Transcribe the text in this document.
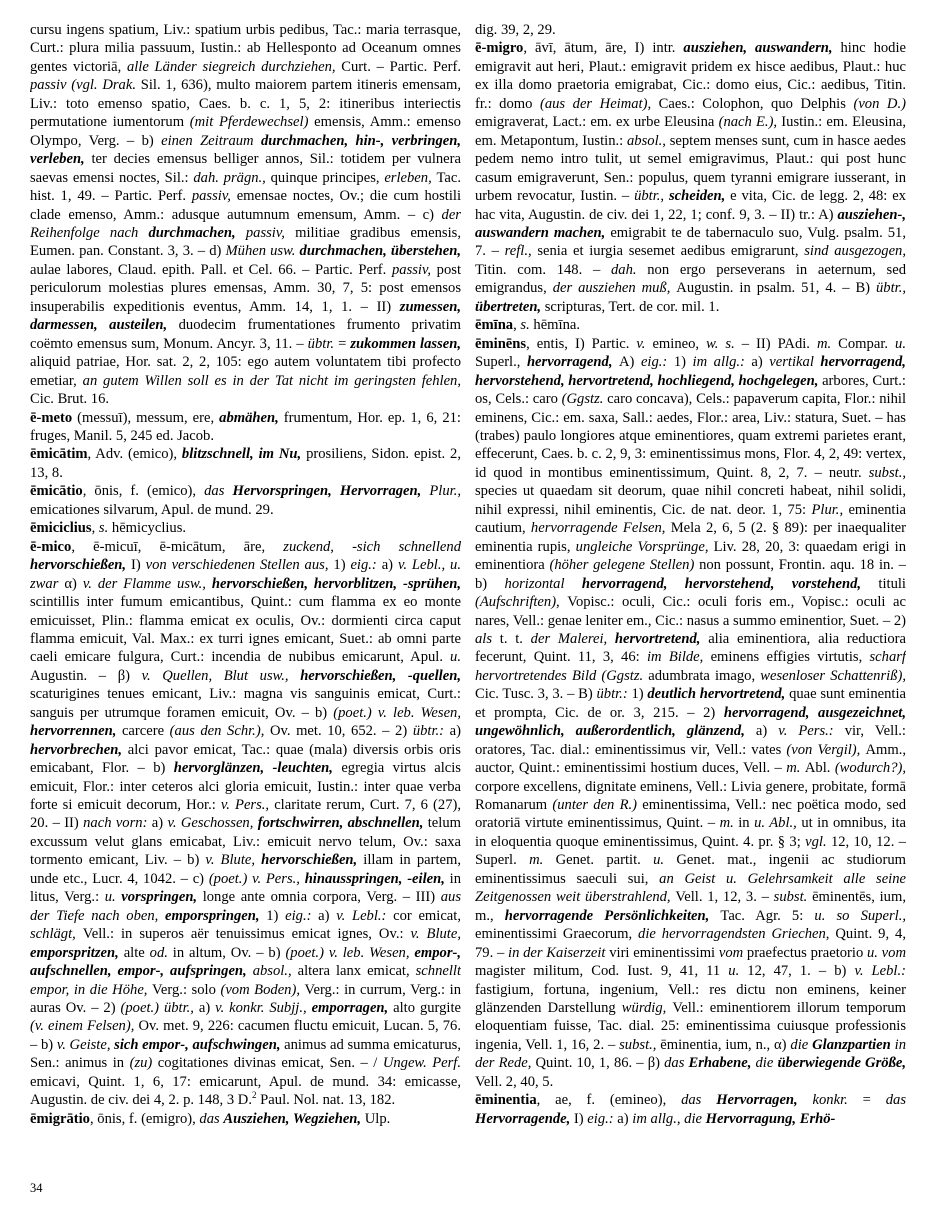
cursu ingens spatium, Liv.: spatium urbis pedibus, Tac.: maria terrasque, Curt.: plura milia passuum, Iustin.: ab Hellesponto ad Oceanum omnes gentes victoriā, alle Länder siegreich durchziehen, Curt. – Partic. Perf. passiv (vgl. Drak. Sil. 1, 636), multo maiorem partem itineris emensam, Liv.: toto emenso spatio, Caes. b. c. 1, 5, 2: itineribus interiectis permutatione iumentorum (mit Pferdewechsel) emensis, Amm.: emenso Olympo, Verg. – b) einen Zeitraum durchmachen, hin-, verbringen, verleben, ter decies emensus belliger annos, Sil.: totidem per vulnera saevas emensi noctes, Sil.: dah. prägn., quinque principes, erleben, Tac. hist. 1, 49. – Partic. Perf. passiv, emensae noctes, Ov.; die cum hostili clade emenso, Amm.: adusque autumnum emensum, Amm. – c) der Reihenfolge nach durchmachen, passiv, militiae gradibus emensis, Eumen. pan. Constant. 3, 3. – d) Mühen usw. durchmachen, überstehen, aulae labores, Claud. epith. Pall. et Cel. 66. – Partic. Perf. passiv, post periculorum molestias plures emensas, Amm. 30, 7, 5: post emensos insuperabilis expeditionis eventus, Amm. 14, 1, 1. – II) zumessen, darmessen, austeilen, duodecim frumentationes frumento privatim coëmto emensus sum, Monum. Ancyr. 3, 11. – übtr. = zukommen lassen, aliquid patriae, Hor. sat. 2, 2, 105: ego autem voluntatem tibi profecto emetiar, an gutem Willen soll es in der Tat nicht im geringsten fehlen, Cic. Brut. 16.

ē-meto (messuī), messum, ere, abmähen, frumentum, Hor. ep. 1, 6, 21: fruges, Manil. 5, 245 ed. Jacob.

ēmicātim, Adv. (emico), blitzschnell, im Nu, prosiliens, Sidon. epist. 2, 13, 8.

ēmicātio, ōnis, f. (emico), das Hervorspringen, Hervorragen, Plur., emicationes silvarum, Apul. de mund. 29.

ēmiciclius, s. hēmicyclius.

ē-mico, ē-micuī, ē-micātum, āre, zuckend, -sich schnellend hervorschießen, I) von verschiedenen Stellen aus, 1) eig.: a) v. Lebl., u. zwar α) v. der Flamme usw., hervorschießen, hervorblitzen, -sprühen, scintillis inter fumum emicantibus, Quint.: cum flamma ex eo monte emicuisset, Plin.: flamma emicat ex oculis, Ov.: dormienti circa caput flamma emicuit, Val. Max.: ex turri ignes emicant, Suet.: ab omni parte caeli emicare fulgura, Curt.: incendia de nubibus emicarunt, Apul. u. Augustin. – β) v. Quellen, Blut usw., hervorschießen, -quellen, scaturigines tenues emicant, Liv.: magna vis sanguinis emicat, Curt.: sanguis per utrumque foramen emicuit, Ov. – b) (poet.) v. leb. Wesen, hervorrennen, carcere (aus den Schr.), Ov. met. 10, 652. – 2) übtr.: a) hervorbrechen, alci pavor emicat, Tac.: quae (mala) diversis orbis oris emicabant, Flor. – b) hervorglänzen, -leuchten, egregia virtus alcis emicuit, Flor.: inter ceteros alci gloria emicuit, Iustin.: inter quae verba forte si emicuit decorum, Hor.: v. Pers., claritate rerum, Curt. 7, 6 (27), 20. – II) nach vorn: a) v. Geschossen, fortschwirren, abschnellen, telum excussum velut glans emicabat, Liv.: emicuit nervo telum, Ov.: saxa tormento emicant, Liv. – b) v. Blute, hervorschießen, illam in partem, unde etc., Lucr. 4, 1042. – c) (poet.) v. Pers., hinausspringen, -eilen, in litus, Verg.: u. vorspringen, longe ante omnia corpora, Verg. – III) aus der Tiefe nach oben, emporspringen, 1) eig.: a) v. Lebl.: cor emicat, schlägt, Vell.: in superos aër tenuissimus emicat ignes, Ov.: v. Blute, emporspritzen, alte od. in altum, Ov. – b) (poet.) v. leb. Wesen, empor-, aufschnellen, empor-, aufspringen, absol., altera lanx emicat, schnellt empor, in die Höhe, Verg.: solo (vom Boden), Verg.: in currum, Verg.: in auras Ov. – 2) (poet.) übtr., a) v. konkr. Subjj., emporragen, alto gurgite (v. einem Felsen), Ov. met. 9, 226: cacumen fluctu emicuit, Lucan. 5, 76. – b) v. Geiste, sich empor-, aufschwingen, animus ad summa emicaturus, Sen.: animus in (zu) cogitationes divinas emicat, Sen. – / Ungew. Perf. emicavi, Quint. 1, 6, 17: emicarunt, Apul. de mund. 34: emicasse, Augustin. de civ. dei 4, 2. p. 148, 3 D.$^2$ Paul. Nol. nat. 13, 182.

ēmigrātio, ōnis, f. (emigro), das Ausziehen, Wegziehen, Ulp.

dig. 39, 2, 29.

ē-migro, āvī, ātum, āre, I) intr. ausziehen, auswandern, hinc hodie emigravit aut heri, Plaut.: emigravit pridem ex hisce aedibus, Plaut.: huc ex illa domo praetoria emigrabat, Cic.: domo eius, Cic.: aedibus, Titin. fr.: domo (aus der Heimat), Caes.: Colophon, quo Delphis (von D.) emigraverat, Lact.: em. ex urbe Eleusina (nach E.), Iustin.: em. Eleusina, em. Metapontum, Iustin.: absol., septem menses sunt, cum in hasce aedes pedem nemo intro tulit, ut semel emigravimus, Plaut.: qui post hunc casum emigraverunt, Sen.: populus, quem tyranni emigrare iusserant, in urbem revocatur, Iustin. – übtr., scheiden, e vita, Cic. de legg. 2, 48: ex hac vita, Augustin. de civ. dei 1, 22, 1; conf. 9, 3. – II) tr.: A) ausziehen-, auswandern machen, emigrabit te de tabernaculo suo, Vulg. psalm. 51, 7. – refl., senia et iurgia sesemet aedibus emigrarunt, sind ausgezogen, Titin. com. 148. – dah. non ergo perseverans in aeternum, sed emigrandus, der ausziehen muß, Augustin. in psalm. 51, 4. – B) übtr., übertreten, scripturas, Tert. de cor. mil. 1.

ēmīna, s. hēmīna.

ēminēns, entis, I) Partic. v. emineo, w. s. – II) PAdi. m. Compar. u. Superl., hervorragend, A) eig.: 1) im allg.: a) vertikal hervorragend, hervorstehend, hervortretend, hochliegend, hochgelegen, arbores, Curt.: os, Cels.: caro (Ggstz. caro concava), Cels.: papaverum capita, Flor.: nihil eminens, Cic.: em. saxa, Sall.: aedes, Flor.: area, Liv.: statura, Suet. – has (trabes) paulo longiores atque eminentiores, quam extremi parietes erant, effecerunt, Caes. b. c. 2, 9, 3: eminentissimus mons, Flor. 4, 2, 49: vertex, id quod in montibus eminentissimum, Quint. 8, 2, 7. – neutr. subst., species ut quaedam sit deorum, quae nihil concreti habeat, nihil solidi, nihil expressi, nihil eminentis, Cic. de nat. deor. 1, 75: Plur., eminentia cautium, hervorragende Felsen, Mela 2, 6, 5 (2. § 89): per inaequaliter eminentia rupis, ungleiche Vorsprünge, Liv. 28, 20, 3: quaedam erigi in eminentiora (höher gelegene Stellen) non possunt, Frontin. aqu. 18 in. – b) horizontal hervorragend, hervorstehend, vorstehend, tituli (Aufschriften), Vopisc.: oculi, Cic.: oculi foris em., Vopisc.: oculi ac nares, Vell.: genae leniter em., Cic.: nasus a summo eminentior, Suet. – 2) als t. t. der Malerei, hervortretend, alia eminentiora, alia reductiora fecerunt, Quint. 11, 3, 46: im Bilde, eminens effigies virtutis, scharf hervortretendes Bild (Ggstz. adumbrata imago, wesenloser Schattenriß), Cic. Tusc. 3, 3. – B) übtr.: 1) deutlich hervortretend, quae sunt eminentia et prompta, Cic. de or. 3, 215. – 2) hervorragend, ausgezeichnet, ungewöhnlich, außerordentlich, glänzend, a) v. Pers.: vir, Vell.: oratores, Tac. dial.: eminentissimus vir, Vell.: vates (von Vergil), Amm., auctor, Quint.: eminentissimi hostium duces, Vell. – m. Abl. (wodurch?), corpore excellens, dignitate eminens, Vell.: Livia genere, probitate, formā Romanarum (unter den R.) eminentissima, Vell.: nec poëtica modo, sed oratoriā virtute eminentissimus, Quint. – m. in u. Abl., ut in omnibus, ita in eloquentia quoque eminentissimus, Quint. 4. pr. § 3; vgl. 12, 10, 12. – Superl. m. Genet. partit. u. Genet. mat., ingenii ac studiorum eminentissimus saeculi sui, an Geist u. Gelehrsamkeit alle seine Zeitgenossen weit überstrahlend, Vell. 1, 12, 3. – subst. ēminentēs, ium, m., hervorragende Persönlichkeiten, Tac. Agr. 5: u. so Superl., eminentissimi Graecorum, die hervorragendsten Griechen, Quint. 9, 4, 79. – in der Kaiserzeit viri eminentissimi vom praefectus praetorio u. vom magister militum, Cod. Iust. 9, 41, 11 u. 12, 47, 1. – b) v. Lebl.: fastigium, fortuna, ingenium, Vell.: res dictu non eminens, keiner glänzenden Darstellung würdig, Vell.: eminentiorem illorum temporum eloquentiam fuisse, Tac. dial. 25: eminentissima cuiusque professionis ingenia, Vell. 1, 16, 2. – subst., ēminentia, ium, n., α) die Glanzpartien in der Rede, Quint. 10, 1, 86. – β) das Erhabene, die überwiegende Größe, Vell. 2, 40, 5.

ēminentia, ae, f. (emineo), das Hervorragen, konkr. = das Hervorragende, I) eig.: a) im allg., die Hervorragung, Erhö-

34
